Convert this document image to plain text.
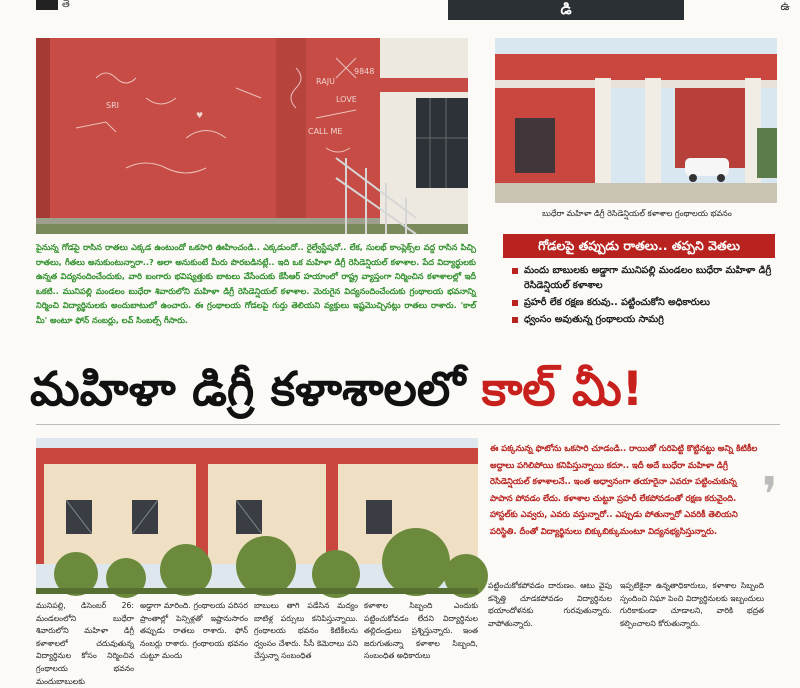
తె	డి	ఉ
RAJU
LOVE
CALL ME
9848
SRI
♥
బుధేరా మహిళా డిగ్రీ రెసిడెన్షియల్ కళాశాల గ్రంథాలయ భవనం
పైనున్న గోడపై రాసిన రాతలు ఎక్కడ ఉంటుందో ఒకసారి ఊహించండి.. ఎక్కడుందో.. రైల్వేస్టేషనో.. లేక, సులభ్ కాంప్లెక్స్‌ల వద్ద రాసిన పిచ్చి రాతలు, గీతలు అనుకుంటున్నారా..? అలా అనుకుంటే మీరు పొరబడినట్లే.. ఇది ఒక మహిళా డిగ్రీ రెసిడెన్షియల్ కళాశాల. పేద విద్యార్థులకు ఉన్నత విద్యనందించేందుకు, వారి బంగారు భవిష్యత్తుకు బాటలు వేసేందుకు కేసీఆర్ హయాంలో రాష్ట్ర వ్యాప్తంగా నిర్మించిన కళాశాలల్లో ఇదీ ఒకటి.. మునిపల్లి మండలం బుధేరా శివారులోని మహిళా డిగ్రీ రెసిడెన్షియల్ కళాశాల. మెరుగైన విద్యనందించేందుకు గ్రంథాలయ భవనాన్ని నిర్మించి విద్యార్థినులకు అందుబాటులో ఉంచారు. ఈ గ్రంథాలయ గోడలపై గుర్తు తెలియని వ్యక్తులు ఇష్టమొచ్చినట్లు రాతలు రాశారు. 'కాల్ మీ' అంటూ ఫోన్ నంబర్లు, లవ్ సింబల్స్ గీసారు.
గోడలపై తప్పుడు రాతలు.. తప్పని వెతలు
మందు బాబులకు అడ్డాగా మునిపల్లి మండలం బుధేరా మహిళా డిగ్రీ రెసిడెన్షియల్ కళాశాల
ప్రహరీ లేక రక్షణ కరువు.. పట్టించుకోని అధికారులు
ధ్వంసం అవుతున్న గ్రంథాలయ సామగ్రి
మహిళా డిగ్రీ కళాశాలలో కాల్ మీ!
ఈ పక్కనున్న ఫొటోను ఒకసారి చూడండి.. రాయితో గురిపెట్టి కొట్టినట్టు అన్ని కిటికీల అద్దాలు పగిలిపోయి కనిపిస్తున్నాయి కదూ.. ఇదీ అదే బుధేరా మహిళా డిగ్రీ రెసిడెన్షియల్ కళాశాలనే.. ఇంత అధ్వానంగా తయారైనా ఎవరూ పట్టించుకున్న పాపాన పోవడం లేదు. కళాశాల చుట్టూ ప్రహరీ లేకపోవడంతో రక్షణ కరువైంది. హాస్టల్‌కు ఎవ్వరు, ఎవరు వస్తున్నారో.. ఎప్పుడు పోతున్నారో ఎవరికీ తెలియని పరిస్థితి. దీంతో విద్యార్థినులు బిక్కుబిక్కుమంటూ విద్యనభ్యసిస్తున్నారు.
❜
మునిపల్లి, డిసెంబర్ 26: మండలంలోని బుధేరా శివారులోని మహిళా డిగ్రీ కళాశాలలో చదువుతున్న విద్యార్థినుల కోసం నిర్మించిన గ్రంథాలయ భవనం మందుబాబులకు
అడ్డాగా మారింది. గ్రంథాలయ పరిసర ప్రాంతాల్లో పెన్సిళ్లతో ఇష్టానుసారం తప్పుడు రాతలు రాశారు. ఫోన్ నంబర్లు రాశారు. గ్రంథాలయ భవనం చుట్టూ మందు
బాబులు తాగి పడేసిన మద్యం బాటిళ్ల పర్సులు కనిపిస్తున్నాయి. గ్రంథాలయ భవనం కిటికీలను ధ్వంసం చేశారు. సీసీ కెమెరాలు పని చేస్తున్నా సంబంధిత
కళాశాల సిబ్బంది ఎందుకు పట్టించుకోవడం లేదని విద్యార్థినుల తల్లిదండ్రులు ప్రశ్నిస్తున్నారు. ఇంత జరుగుతున్నా కళాశాల సిబ్బంది, సంబంధిత అధికారులు
పట్టించుకోకపోవడం దారుణం. ఆటు వైపు కన్నెత్తి చూడకపోవడం విద్యార్థినుల భయాందోళనకు గురవుతున్నారు. వాపోతున్నారు.
ఇప్పటికైనా ఉన్నతాధికారులు, కళాశాల సిబ్బంది స్పందించి నిఘా పెంచి విద్యార్థినులకు ఇబ్బందులు గురికాకుండా చూడాలని, వారికి భద్రత కల్పించాలని కోరుతున్నారు.
